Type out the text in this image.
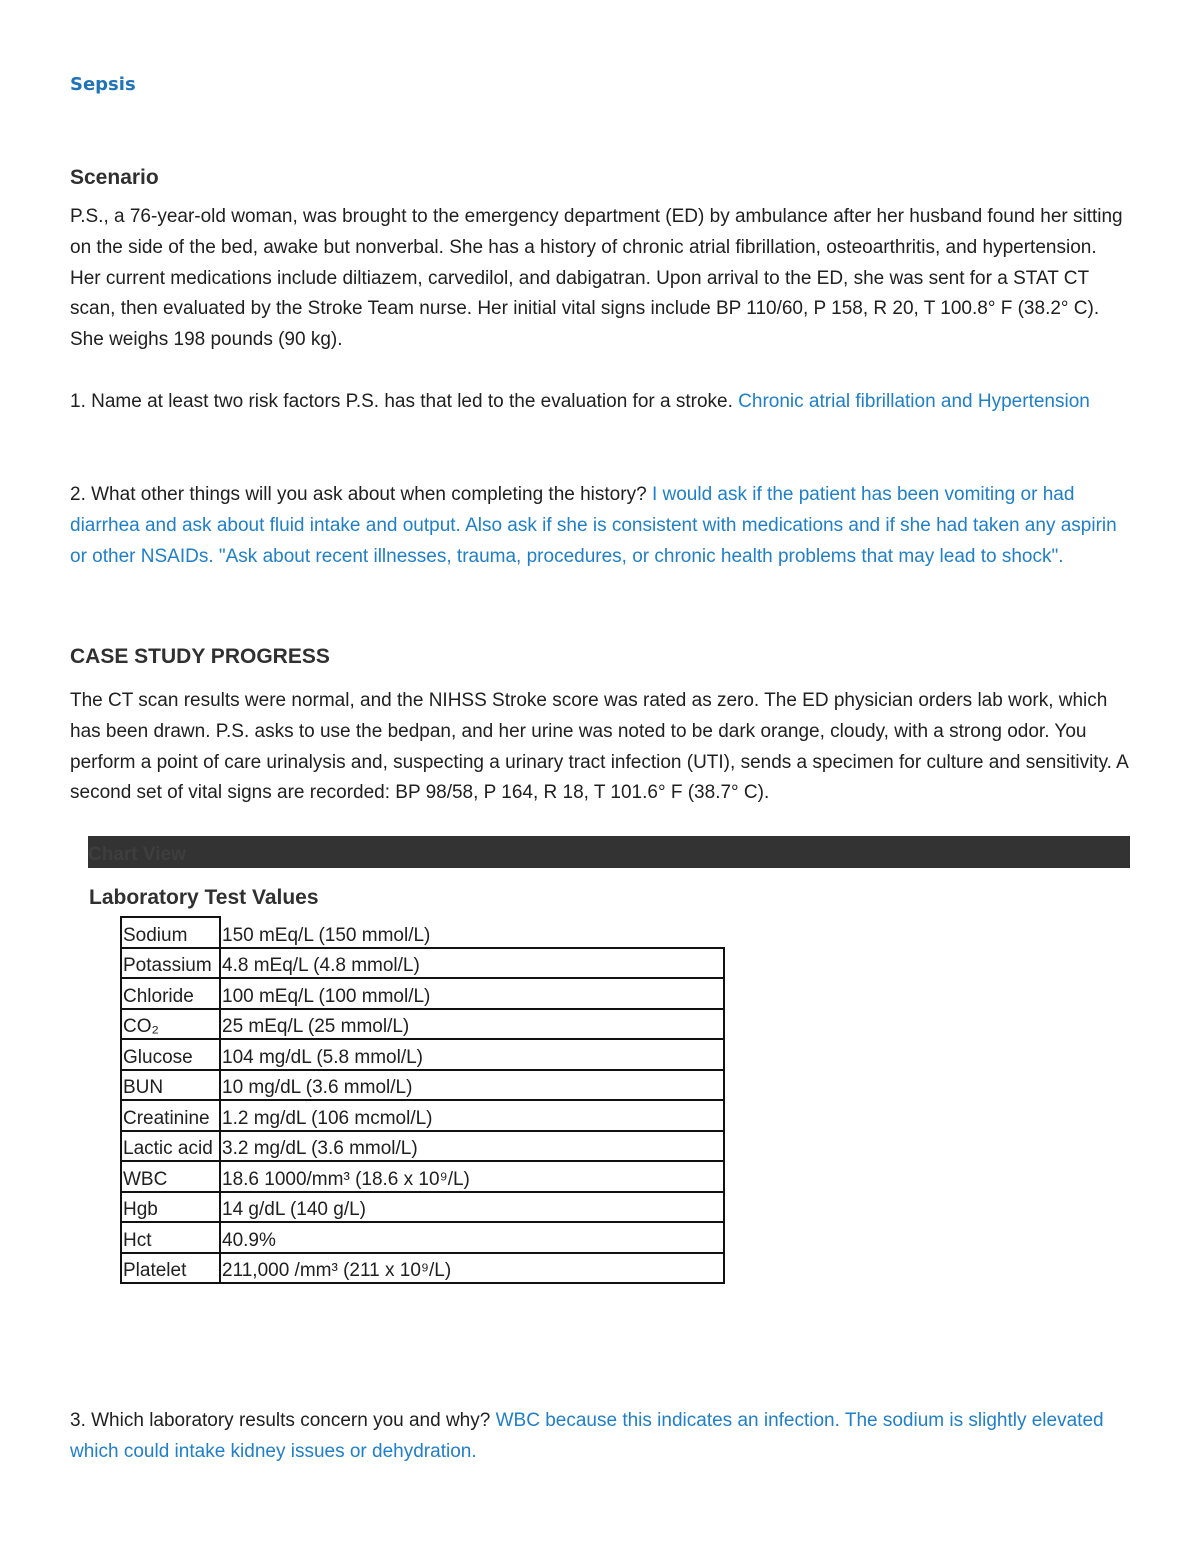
Sepsis
Scenario

P.S., a 76-year-old woman, was brought to the emergency department (ED) by ambulance after her husband found her sitting on the side of the bed, awake but nonverbal. She has a history of chronic atrial fibrillation, osteoarthritis, and hypertension. Her current medications include diltiazem, carvedilol, and dabigatran. Upon arrival to the ED, she was sent for a STAT CT scan, then evaluated by the Stroke Team nurse. Her initial vital signs include BP 110/60, P 158, R 20, T 100.8° F (38.2° C). She weighs 198 pounds (90 kg).

1. Name at least two risk factors P.S. has that led to the evaluation for a stroke. Chronic atrial fibrillation and Hypertension

2. What other things will you ask about when completing the history? I would ask if the patient has been vomiting or had diarrhea and ask about fluid intake and output. Also ask if she is consistent with medications and if she had taken any aspirin or other NSAIDs. "Ask about recent illnesses, trauma, procedures, or chronic health problems that may lead to shock".

CASE STUDY PROGRESS

The CT scan results were normal, and the NIHSS Stroke score was rated as zero. The ED physician orders lab work, which has been drawn. P.S. asks to use the bedpan, and her urine was noted to be dark orange, cloudy, with a strong odor. You perform a point of care urinalysis and, suspecting a urinary tract infection (UTI), sends a specimen for culture and sensitivity. A second set of vital signs are recorded: BP 98/58, P 164, R 18, T 101.6° F (38.7° C).

Chart View
Laboratory Test Values
Sodium	150 mEq/L (150 mmol/L)
Potassium	4.8 mEq/L (4.8 mmol/L)
Chloride	100 mEq/L (100 mmol/L)
CO₂	25 mEq/L (25 mmol/L)
Glucose	104 mg/dL (5.8 mmol/L)
BUN	10 mg/dL (3.6 mmol/L)
Creatinine	1.2 mg/dL (106 mcmol/L)
Lactic acid	3.2 mg/dL (3.6 mmol/L)
WBC	18.6 1000/mm³ (18.6 x 10⁹/L)
Hgb	14 g/dL (140 g/L)
Hct	40.9%
Platelet	211,000 /mm³ (211 x 10⁹/L)

3. Which laboratory results concern you and why? WBC because this indicates an infection. The sodium is slightly elevated which could intake kidney issues or dehydration.
